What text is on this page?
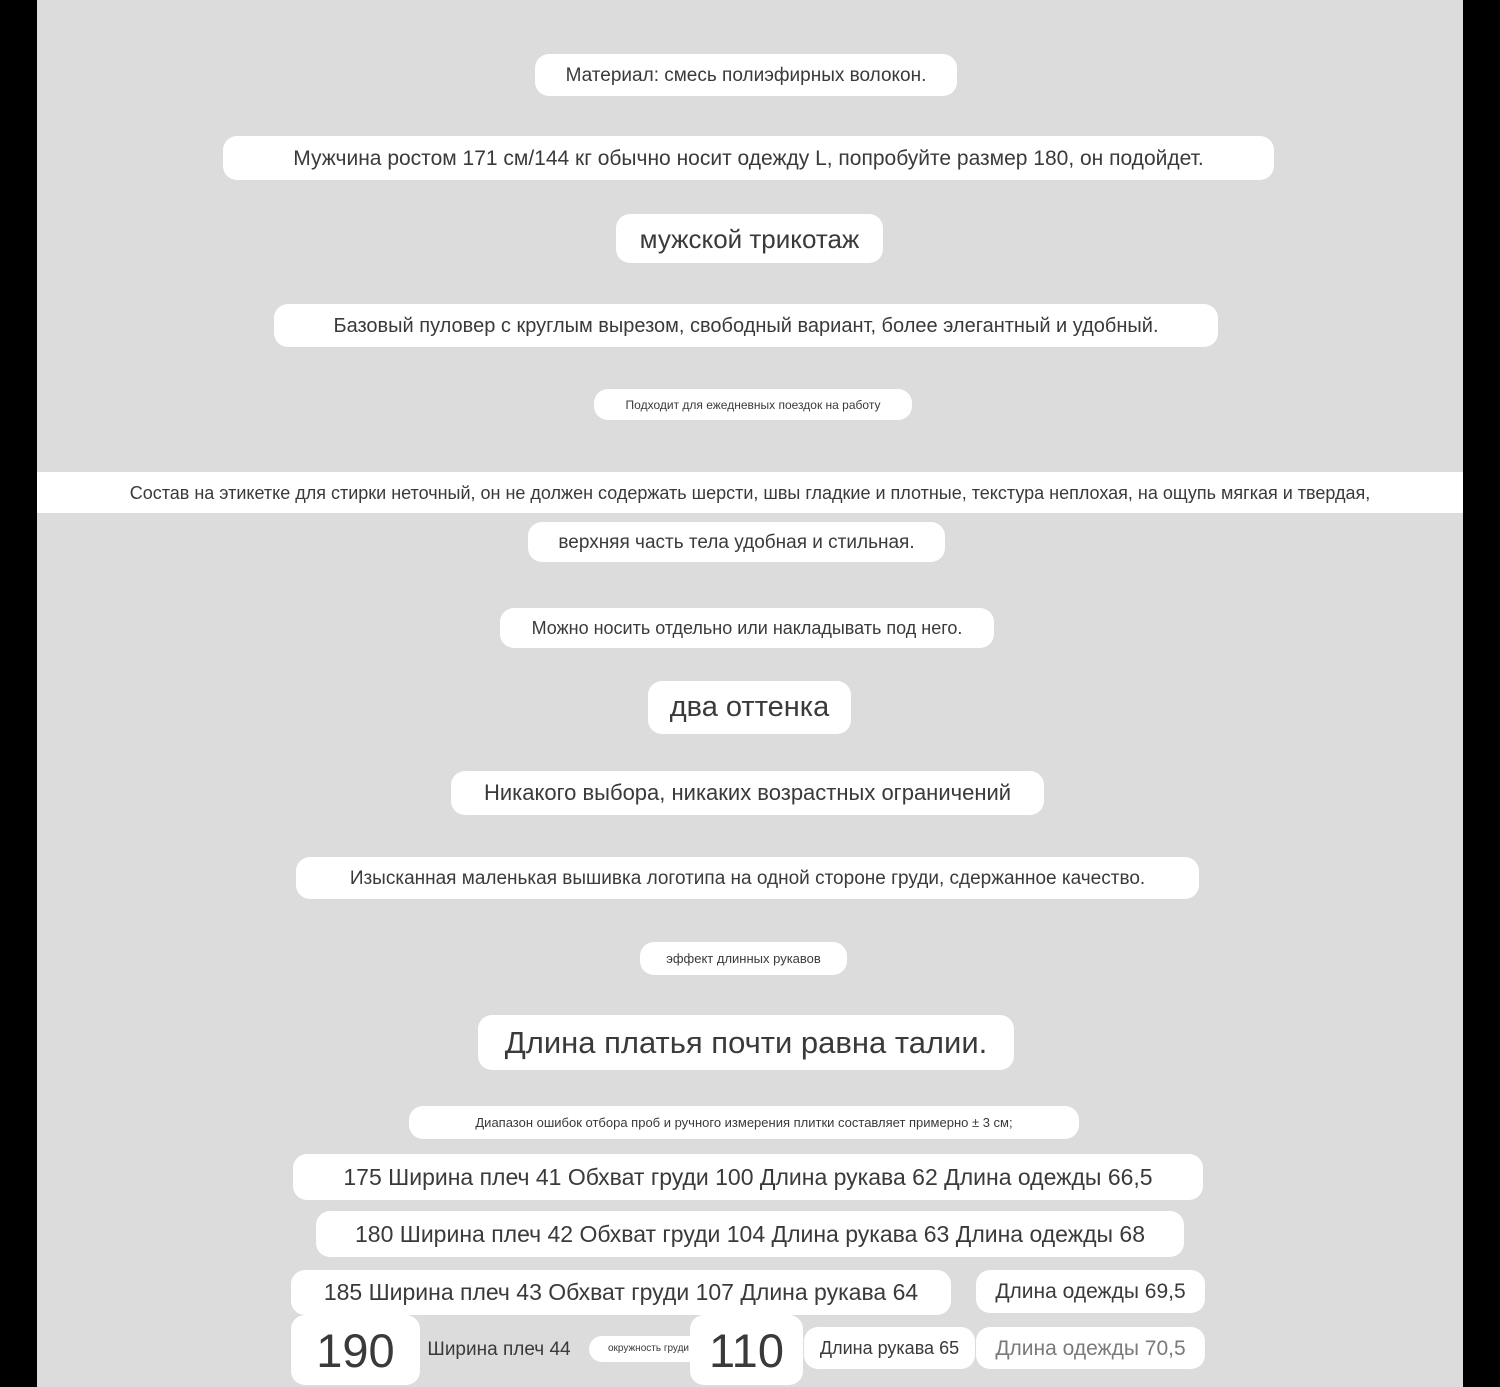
Материал: смесь полиэфирных волокон.
Мужчина ростом 171 см/144 кг обычно носит одежду L, попробуйте размер 180, он подойдет.
мужской трикотаж
Базовый пуловер с круглым вырезом, свободный вариант, более элегантный и удобный.
Подходит для ежедневных поездок на работу
Состав на этикетке для стирки неточный, он не должен содержать шерсти, швы гладкие и плотные, текстура неплохая, на ощупь мягкая и твердая,
верхняя часть тела удобная и стильная.
Можно носить отдельно или накладывать под него.
два оттенка
Никакого выбора, никаких возрастных ограничений
Изысканная маленькая вышивка логотипа на одной стороне груди, сдержанное качество.
эффект длинных рукавов
Длина платья почти равна талии.
Диапазон ошибок отбора проб и ручного измерения плитки составляет примерно ± 3 см;
175 Ширина плеч 41 Обхват груди 100 Длина рукава 62 Длина одежды 66,5
180 Ширина плеч 42 Обхват груди 104 Длина рукава 63 Длина одежды 68
185 Ширина плеч 43 Обхват груди 107 Длина рукава 64	Длина одежды 69,5
190 Ширина плеч 44	окружность груди 110 Длина рукава 65 Длина одежды 70,5
